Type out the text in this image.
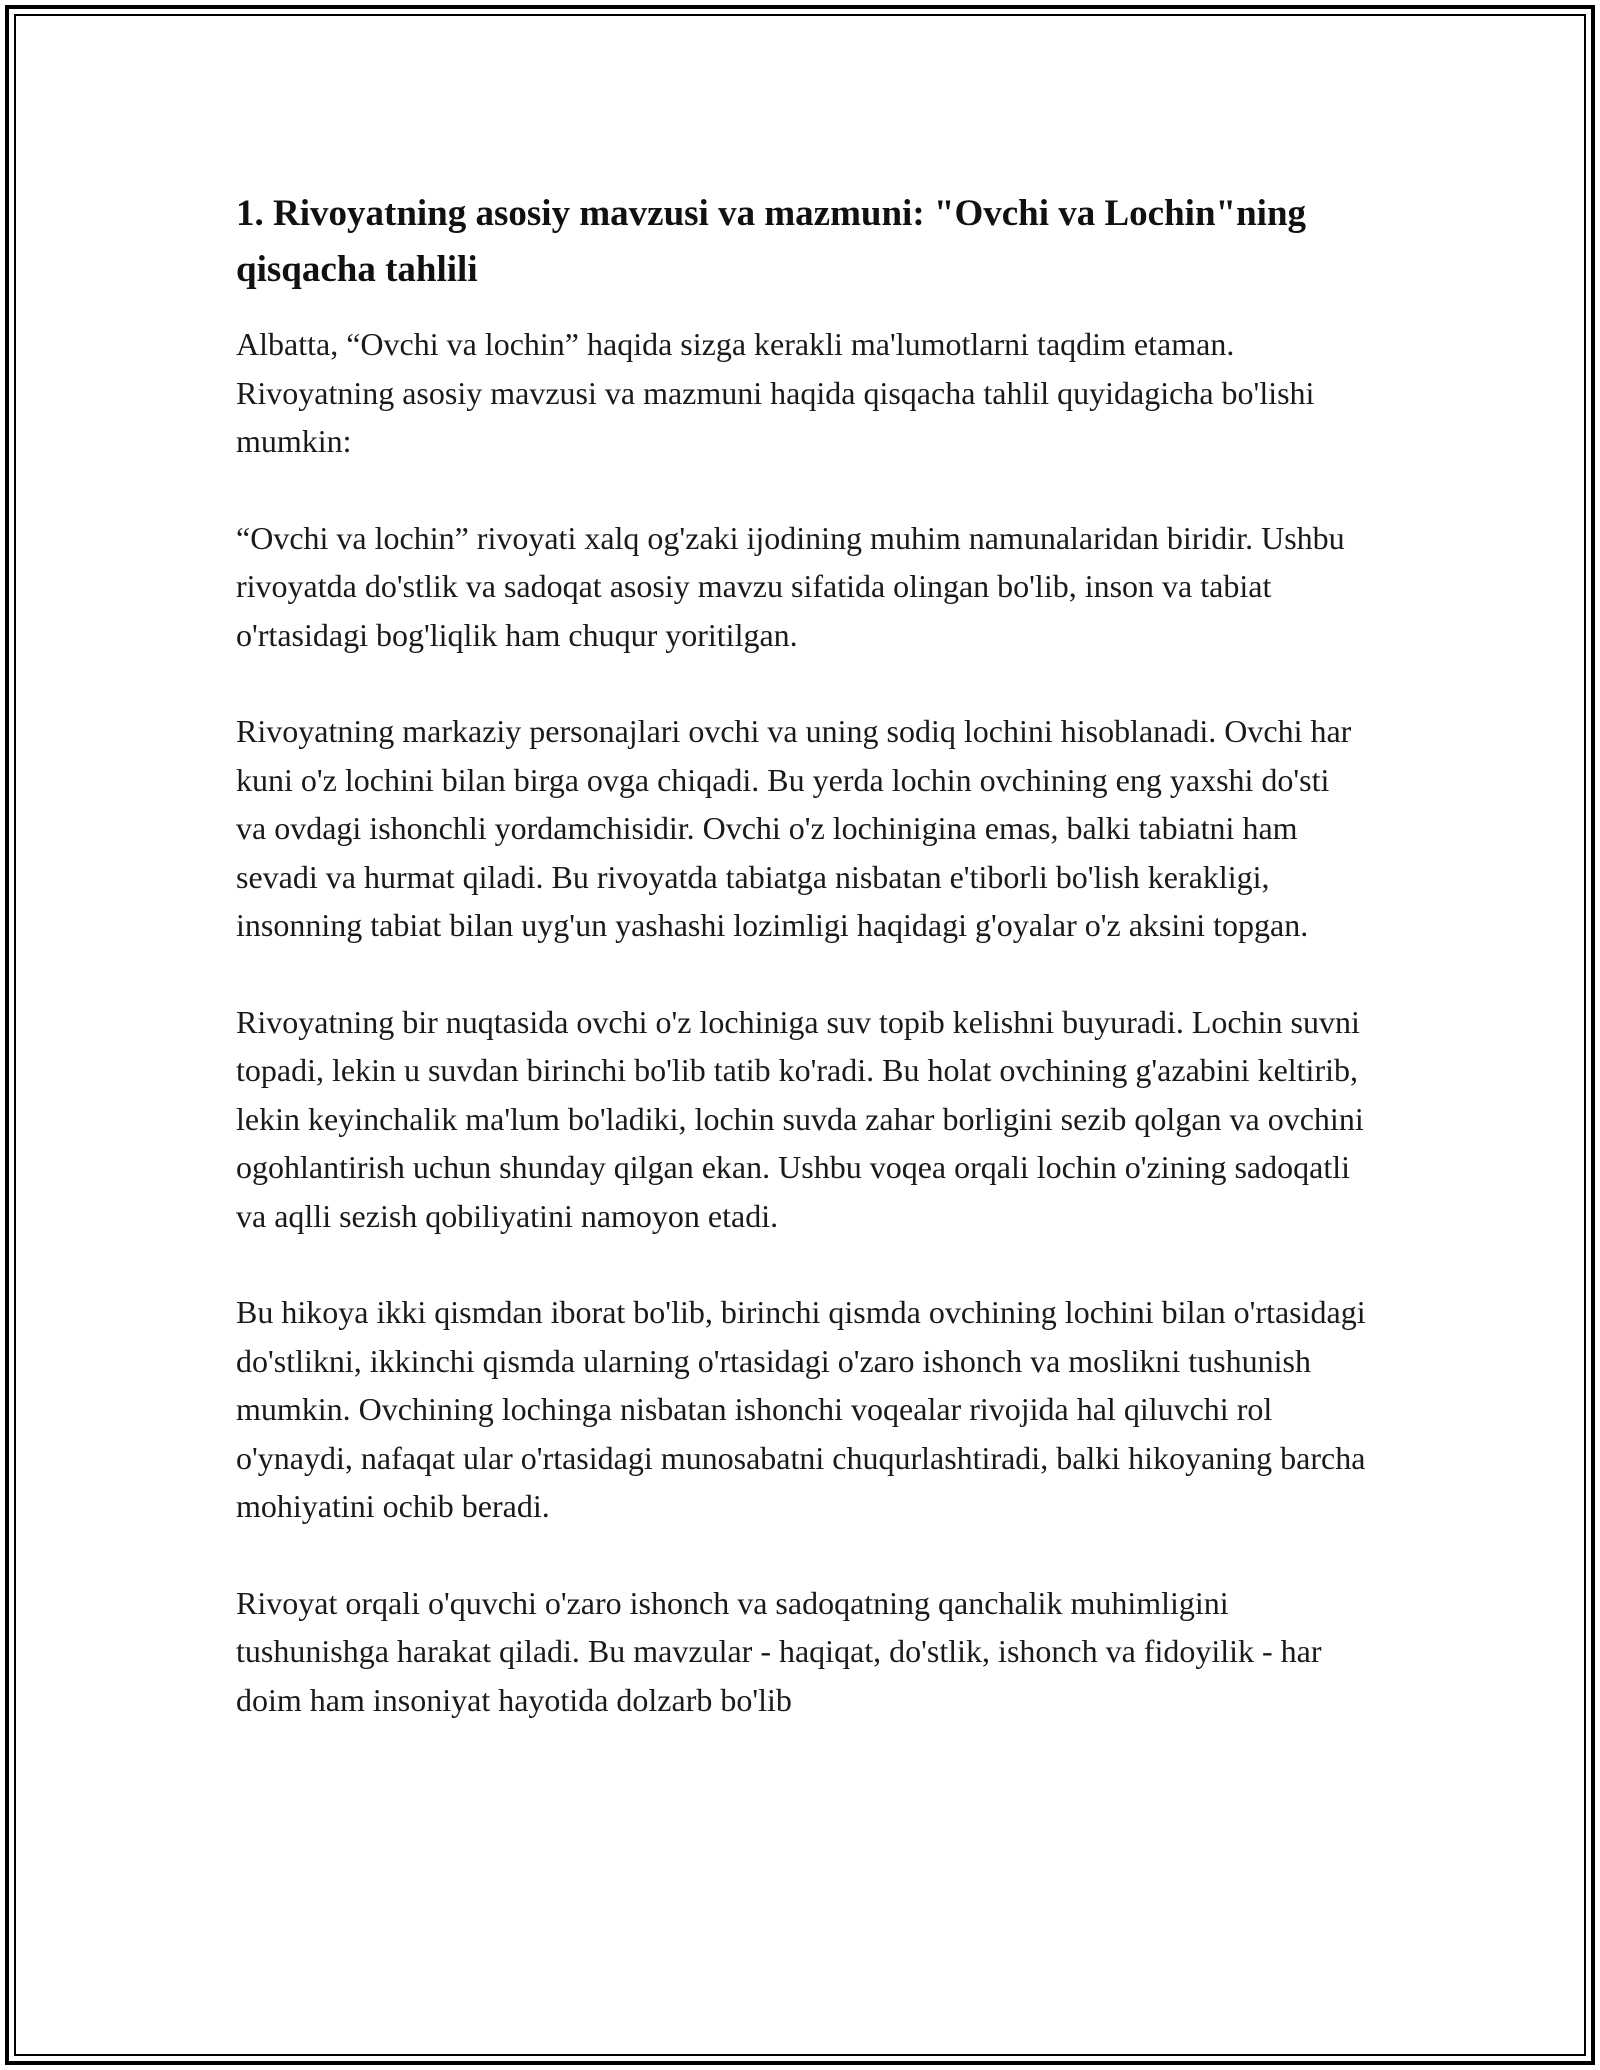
1. Rivoyatning asosiy mavzusi va mazmuni: "Ovchi va Lochin"ning qisqacha tahlili

Albatta, “Ovchi va lochin” haqida sizga kerakli ma'lumotlarni taqdim etaman. Rivoyatning asosiy mavzusi va mazmuni haqida qisqacha tahlil quyidagicha bo'lishi mumkin:

“Ovchi va lochin” rivoyati xalq og'zaki ijodining muhim namunalaridan biridir. Ushbu rivoyatda do'stlik va sadoqat asosiy mavzu sifatida olingan bo'lib, inson va tabiat o'rtasidagi bog'liqlik ham chuqur yoritilgan.

Rivoyatning markaziy personajlari ovchi va uning sodiq lochini hisoblanadi. Ovchi har kuni o'z lochini bilan birga ovga chiqadi. Bu yerda lochin ovchining eng yaxshi do'sti va ovdagi ishonchli yordamchisidir. Ovchi o'z lochinigina emas, balki tabiatni ham sevadi va hurmat qiladi. Bu rivoyatda tabiatga nisbatan e'tiborli bo'lish kerakligi, insonning tabiat bilan uyg'un yashashi lozimligi haqidagi g'oyalar o'z aksini topgan.

Rivoyatning bir nuqtasida ovchi o'z lochiniga suv topib kelishni buyuradi. Lochin suvni topadi, lekin u suvdan birinchi bo'lib tatib ko'radi. Bu holat ovchining g'azabini keltirib, lekin keyinchalik ma'lum bo'ladiki, lochin suvda zahar borligini sezib qolgan va ovchini ogohlantirish uchun shunday qilgan ekan. Ushbu voqea orqali lochin o'zining sadoqatli va aqlli sezish qobiliyatini namoyon etadi.

Bu hikoya ikki qismdan iborat bo'lib, birinchi qismda ovchining lochini bilan o'rtasidagi do'stlikni, ikkinchi qismda ularning o'rtasidagi o'zaro ishonch va moslikni tushunish mumkin. Ovchining lochinga nisbatan ishonchi voqealar rivojida hal qiluvchi rol o'ynaydi, nafaqat ular o'rtasidagi munosabatni chuqurlashtiradi, balki hikoyaning barcha mohiyatini ochib beradi.

Rivoyat orqali o'quvchi o'zaro ishonch va sadoqatning qanchalik muhimligini tushunishga harakat qiladi. Bu mavzular - haqiqat, do'stlik, ishonch va fidoyilik - har doim ham insoniyat hayotida dolzarb bo'lib
